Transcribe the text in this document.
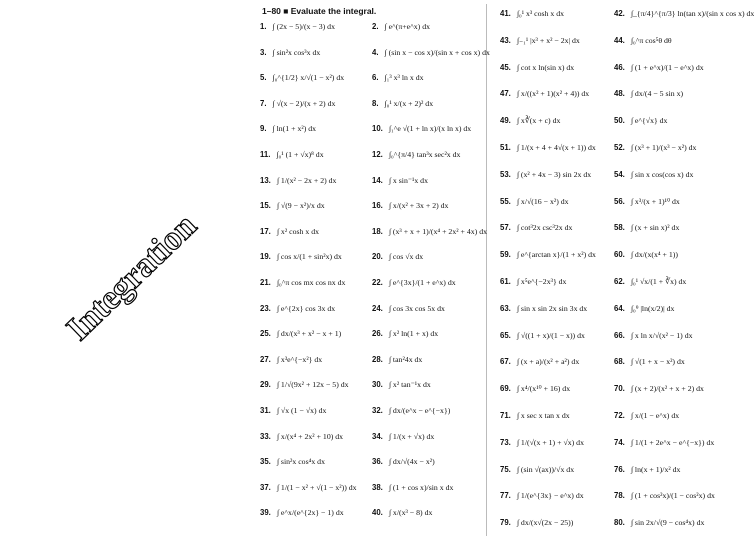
Integration
1–80 ■ Evaluate the integral.
1. ∫ (2x − 5)/(x − 3) dx	2. ∫ e^(π+e^x) dx
3. ∫ sin²x cos³x dx	4. ∫ (sin x − cos x)/(sin x + cos x) dx
5. ∫₀^{1/2} x/√(1 − x²) dx	6. ∫₁³ x³ ln x dx
7. ∫ √(x − 2)/(x + 2) dx	8. ∫₀¹ x/(x + 2)² dx
9. ∫ ln(1 + x²) dx	10. ∫₁^e √(1 + ln x)/(x ln x) dx
11. ∫₀¹ (1 + √x)⁸ dx	12. ∫₀^{π/4} tan³x sec²x dx
13. ∫ 1/(x² − 2x + 2) dx	14. ∫ x sin⁻¹x dx
15. ∫ √(9 − x²)/x dx	16. ∫ x/(x² + 3x + 2) dx
17. ∫ x² cosh x dx	18. ∫ (x³ + x + 1)/(x⁴ + 2x² + 4x) dx
19. ∫ cos x/(1 + sin²x) dx	20. ∫ cos √x dx
21. ∫₀^π cos mx cos nx dx	22. ∫ e^{3x}/(1 + e^x) dx
23. ∫ e^{2x} cos 3x dx	24. ∫ cos 3x cos 5x dx
25. ∫ dx/(x³ + x² − x + 1)	26. ∫ x² ln(1 + x) dx
27. ∫ x³e^{−x²} dx	28. ∫ tan²4x dx
29. ∫ 1/√(9x² + 12x − 5) dx	30. ∫ x² tan⁻¹x dx
31. ∫ √x (1 − √x) dx	32. ∫ dx/(e^x − e^{−x})
33. ∫ x/(x⁴ + 2x² + 10) dx	34. ∫ 1/(x + √x) dx
35. ∫ sin²x cos⁴x dx	36. ∫ dx/√(4x − x²)
37. ∫ 1/(1 − x² + √(1 − x²)) dx 38. ∫ (1 + cos x)/sin x dx
39. ∫ e^x/(e^{2x} − 1) dx	40. ∫ x/(x³ − 8) dx
41. ∫₀¹ x³ cosh x dx	42. ∫_{π/4}^{π/3} ln(tan x)/(sin x cos x) dx
43. ∫₋₁¹ |x³ + x² − 2x| dx	44. ∫₀^π cos⁵θ dθ
45. ∫ cot x ln(sin x) dx	46. ∫ (1 + e^x)/(1 − e^x) dx
47. ∫ x/((x² + 1)(x² + 4)) dx	48. ∫ dx/(4 − 5 sin x)
49. ∫ x∛(x + c) dx	50. ∫ e^{√x} dx
51. ∫ 1/(x + 4 + 4√(x + 1)) dx 52. ∫ (x³ + 1)/(x³ − x²) dx
53. ∫ (x² + 4x − 3) sin 2x dx	54. ∫ sin x cos(cos x) dx
55. ∫ x/√(16 − x²) dx	56. ∫ x³/(x + 1)¹⁰ dx
57. ∫ cot³2x csc³2x dx	58. ∫ (x + sin x)² dx
59. ∫ e^{arctan x}/(1 + x²) dx 60. ∫ dx/(x(x⁴ + 1))
61. ∫ x⁵e^{−2x³} dx	62. ∫₀¹ √x/(1 + ∛x) dx
63. ∫ sin x sin 2x sin 3x dx	64. ∫₀⁹ |ln(x/2)| dx
65. ∫ √((1 + x)/(1 − x)) dx	66. ∫ x ln x/√(x² − 1) dx
67. ∫ (x + a)/(x² + a²) dx	68. ∫ √(1 + x − x²) dx
69. ∫ x⁴/(x¹⁰ + 16) dx	70. ∫ (x + 2)/(x² + x + 2) dx
71. ∫ x sec x tan x dx	72. ∫ x/(1 − e^x) dx
73. ∫ 1/(√(x + 1) + √x) dx	74. ∫ 1/(1 + 2e^x − e^{−x}) dx
75. ∫ (sin √(ax))/√x dx	76. ∫ ln(x + 1)/x² dx
77. ∫ 1/(e^{3x} − e^x) dx	78. ∫ (1 + cos²x)/(1 − cos²x) dx
79. ∫ dx/(x√(2x − 25))	80. ∫ sin 2x/√(9 − cos⁴x) dx
